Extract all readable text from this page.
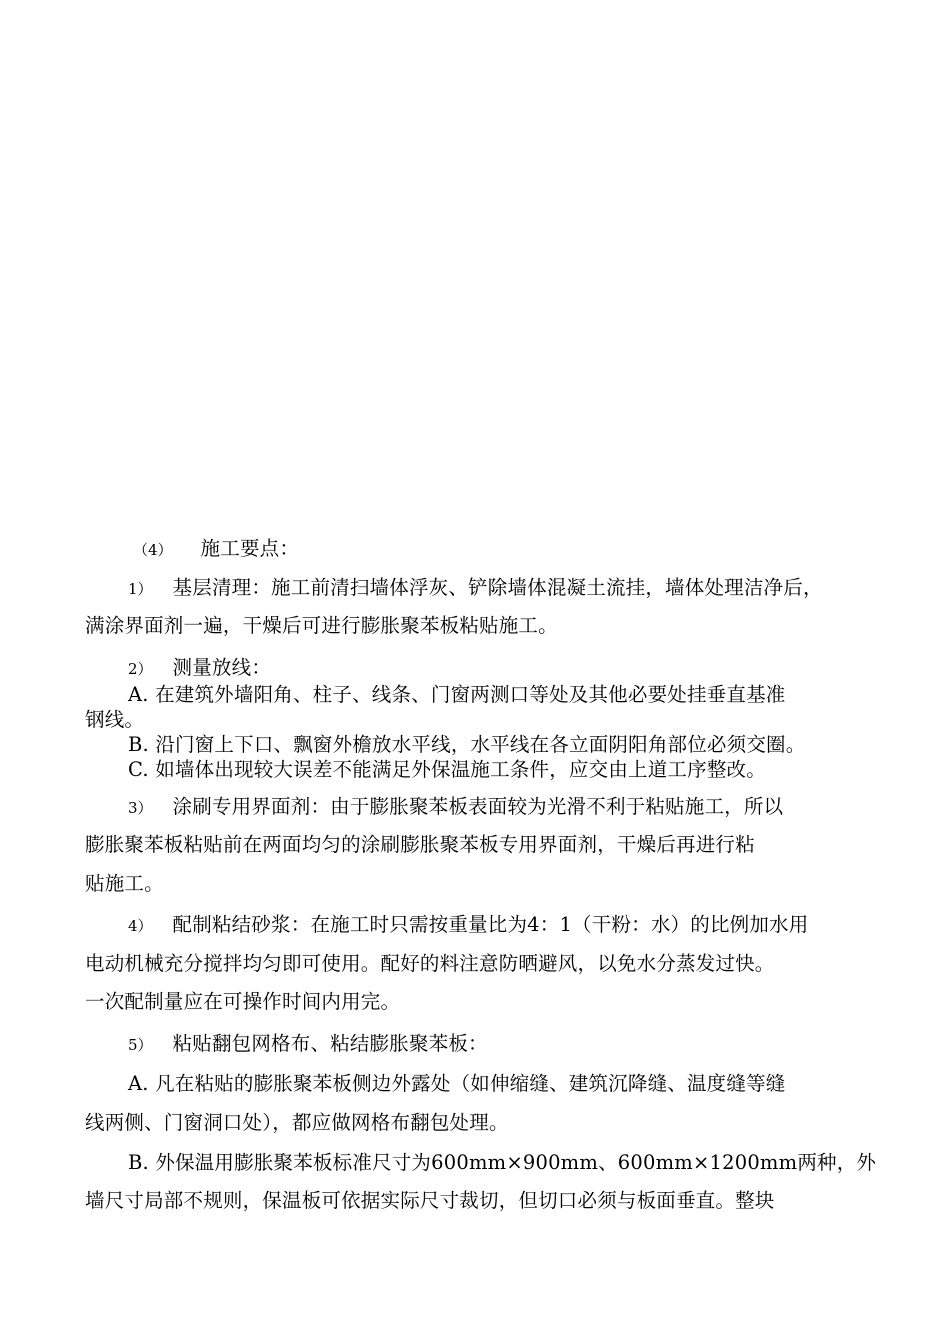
（4） 施工要点：
1） 基层清理：施工前清扫墙体浮灰、铲除墙体混凝土流挂，墙体处理洁净后，
满涂界面剂一遍，干燥后可进行膨胀聚苯板粘贴施工。
2） 测量放线：
A. 在建筑外墙阳角、柱子、线条、门窗两测口等处及其他必要处挂垂直基准
钢线。
B. 沿门窗上下口、飘窗外檐放水平线，水平线在各立面阴阳角部位必须交圈。
C. 如墙体出现较大误差不能满足外保温施工条件，应交由上道工序整改。
3） 涂刷专用界面剂：由于膨胀聚苯板表面较为光滑不利于粘贴施工，所以
膨胀聚苯板粘贴前在两面均匀的涂刷膨胀聚苯板专用界面剂，干燥后再进行粘
贴施工。
4） 配制粘结砂浆：在施工时只需按重量比为4：1（干粉：水）的比例加水用
电动机械充分搅拌均匀即可使用。配好的料注意防晒避风，以免水分蒸发过快。
一次配制量应在可操作时间内用完。
5） 粘贴翻包网格布、粘结膨胀聚苯板：
A. 凡在粘贴的膨胀聚苯板侧边外露处（如伸缩缝、建筑沉降缝、温度缝等缝
线两侧、门窗洞口处），都应做网格布翻包处理。
B. 外保温用膨胀聚苯板标准尺寸为600mm×900mm、600mm×1200mm两种，外
墙尺寸局部不规则，保温板可依据实际尺寸裁切，但切口必须与板面垂直。整块
